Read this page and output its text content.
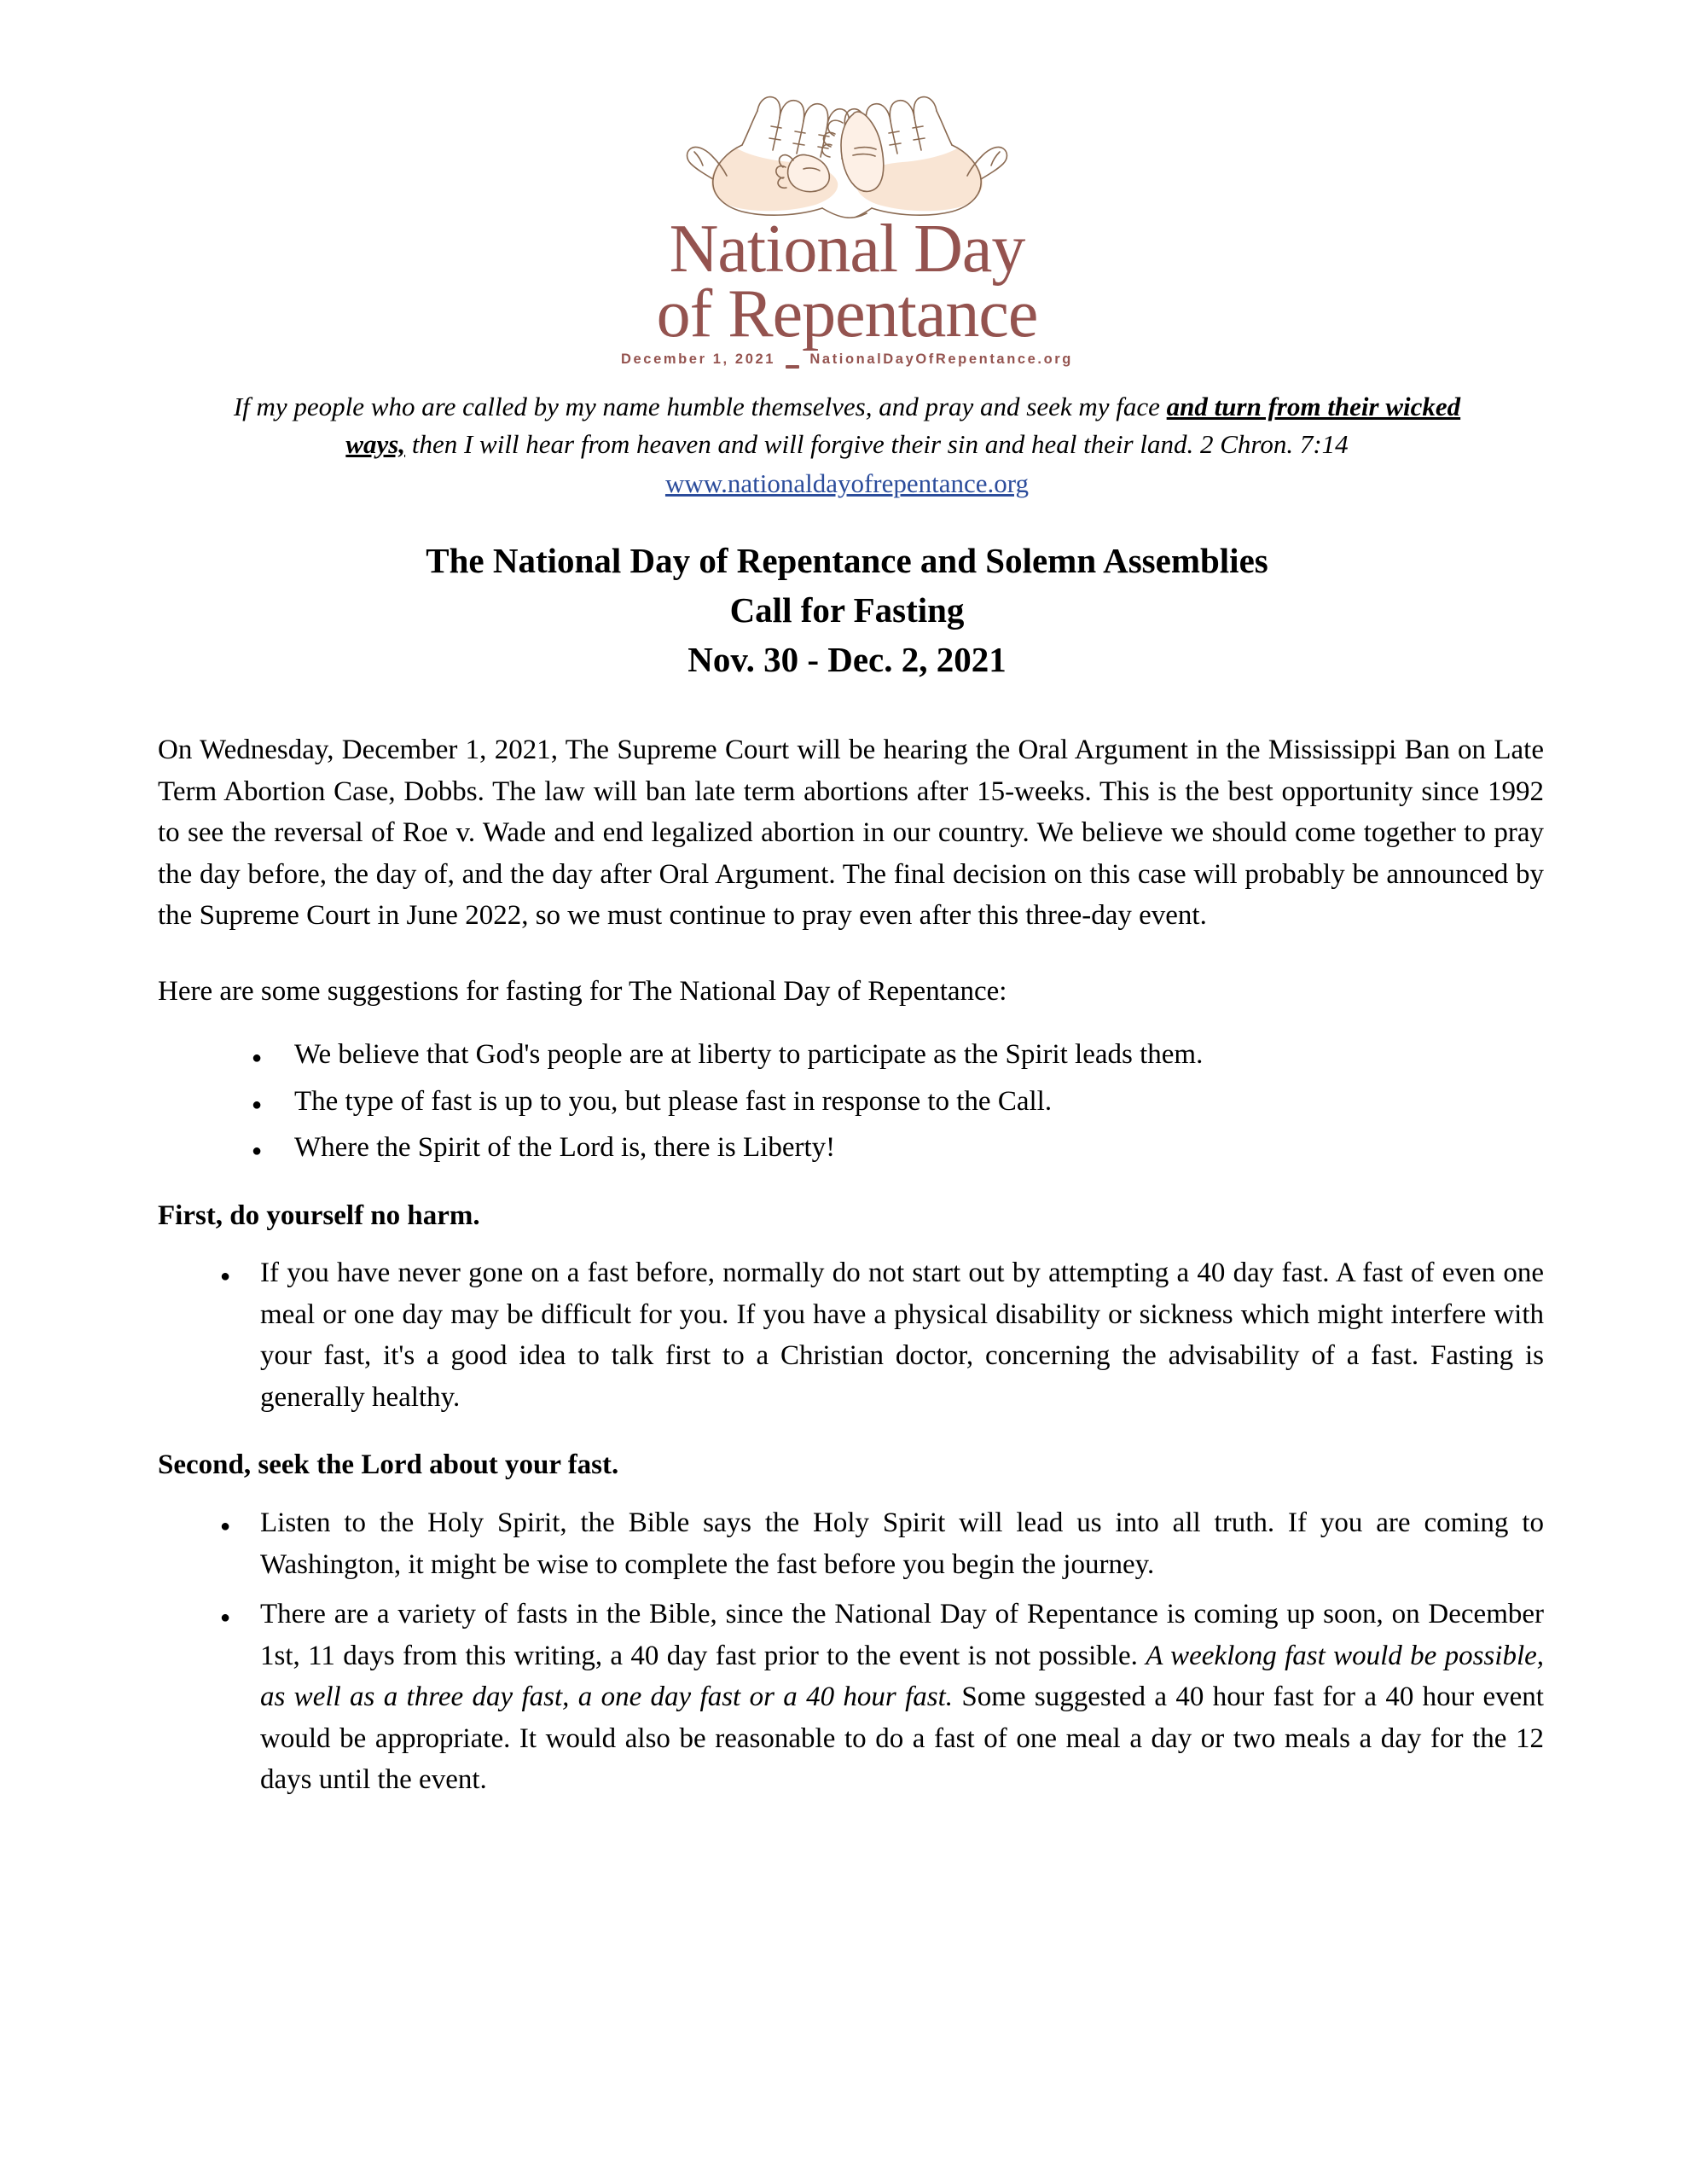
National Day
of Repentance
December 1, 2021 NationalDayOfRepentance.org
If my people who are called by my name humble themselves, and pray and seek my face and turn from their wicked ways, then I will hear from heaven and will forgive their sin and heal their land. 2 Chron. 7:14
www.nationaldayofrepentance.org
The National Day of Repentance and Solemn Assemblies
Call for Fasting
Nov. 30 - Dec. 2, 2021

On Wednesday, December 1, 2021, The Supreme Court will be hearing the Oral Argument in the Mississippi Ban on Late Term Abortion Case, Dobbs. The law will ban late term abortions after 15-weeks. This is the best opportunity since 1992 to see the reversal of Roe v. Wade and end legalized abortion in our country. We believe we should come together to pray the day before, the day of, and the day after Oral Argument. The final decision on this case will probably be announced by the Supreme Court in June 2022, so we must continue to pray even after this three-day event.

Here are some suggestions for fasting for The National Day of Repentance:

● We believe that God's people are at liberty to participate as the Spirit leads them.
● The type of fast is up to you, but please fast in response to the Call.
● Where the Spirit of the Lord is, there is Liberty!
First, do yourself no harm.
● If you have never gone on a fast before, normally do not start out by attempting a 40 day fast. A fast of even one meal or one day may be difficult for you. If you have a physical disability or sickness which might interfere with your fast, it's a good idea to talk first to a Christian doctor, concerning the advisability of a fast. Fasting is generally healthy.
Second, seek the Lord about your fast.
● Listen to the Holy Spirit, the Bible says the Holy Spirit will lead us into all truth. If you are coming to Washington, it might be wise to complete the fast before you begin the journey.
● There are a variety of fasts in the Bible, since the National Day of Repentance is coming up soon, on December 1st, 11 days from this writing, a 40 day fast prior to the event is not possible. A weeklong fast would be possible, as well as a three day fast, a one day fast or a 40 hour fast. Some suggested a 40 hour fast for a 40 hour event would be appropriate. It would also be reasonable to do a fast of one meal a day or two meals a day for the 12 days until the event.
